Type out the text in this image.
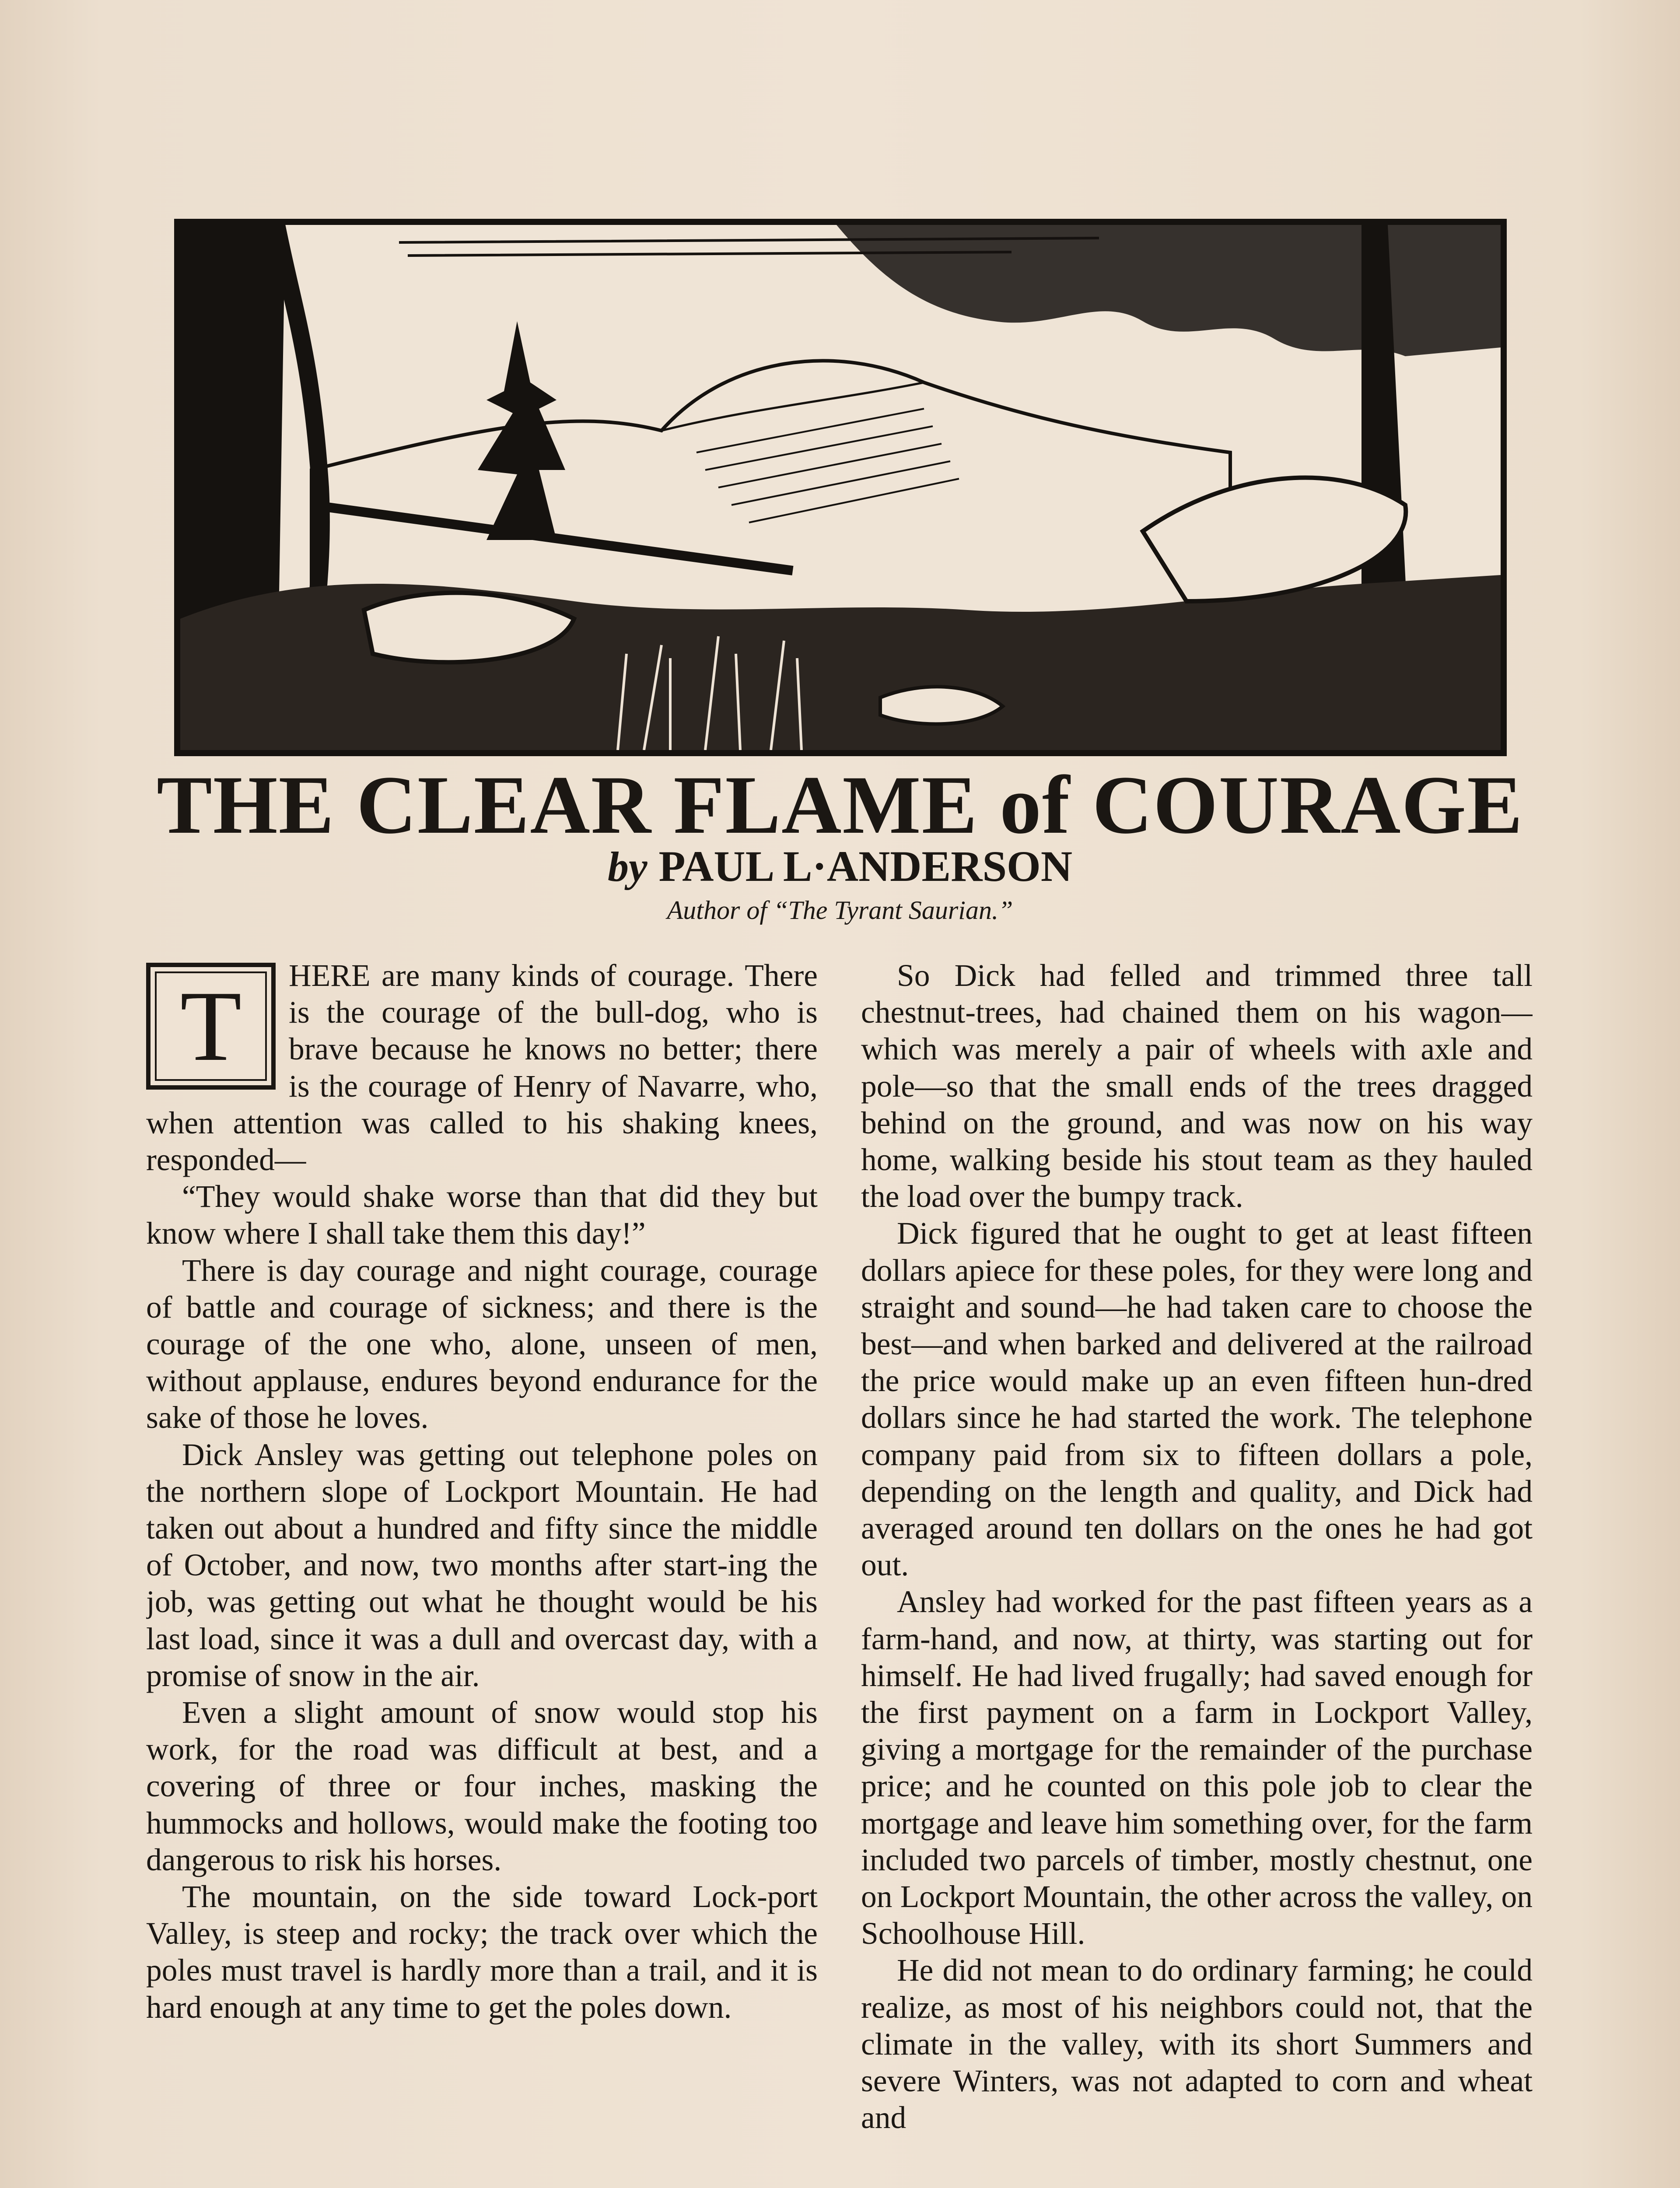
THE CLEAR FLAME of COURAGE
by PAUL L·ANDERSON
Author of “The Tyrant Saurian.”
T	HERE are many kinds of courage. There is the courage of the bull-dog, who is brave because he knows no better; there is the courage of Henry of Navarre, who, when attention was called to his shaking knees, responded—

“They would shake worse than that did they but know where I shall take them this day!”

There is day courage and night courage, courage of battle and courage of sickness; and there is the courage of the one who, alone, unseen of men, without applause, endures beyond endurance for the sake of those he loves.

Dick Ansley was getting out telephone poles on the northern slope of Lockport Mountain. He had taken out about a hundred and fifty since the middle of October, and now, two months after start-ing the job, was getting out what he thought would be his last load, since it was a dull and overcast day, with a promise of snow in the air.

Even a slight amount of snow would stop his work, for the road was difficult at best, and a covering of three or four inches, masking the hummocks and hollows, would make the footing too dangerous to risk his horses.

The mountain, on the side toward Lock-port Valley, is steep and rocky; the track over which the poles must travel is hardly more than a trail, and it is hard enough at any time to get the poles down.

So Dick had felled and trimmed three tall chestnut-trees, had chained them on his wagon—which was merely a pair of wheels with axle and pole—so that the small ends of the trees dragged behind on the ground, and was now on his way home, walking beside his stout team as they hauled the load over the bumpy track.

Dick figured that he ought to get at least fifteen dollars apiece for these poles, for they were long and straight and sound—he had taken care to choose the best—and when barked and delivered at the railroad the price would make up an even fifteen hun-dred dollars since he had started the work. The telephone company paid from six to fifteen dollars a pole, depending on the length and quality, and Dick had averaged around ten dollars on the ones he had got out.

Ansley had worked for the past fifteen years as a farm-hand, and now, at thirty, was starting out for himself. He had lived frugally; had saved enough for the first payment on a farm in Lockport Valley, giving a mortgage for the remainder of the purchase price; and he counted on this pole job to clear the mortgage and leave him something over, for the farm included two parcels of timber, mostly chestnut, one on Lockport Mountain, the other across the valley, on Schoolhouse Hill.

He did not mean to do ordinary farming; he could realize, as most of his neighbors could not, that the climate in the valley, with its short Summers and severe Winters, was not adapted to corn and wheat and
